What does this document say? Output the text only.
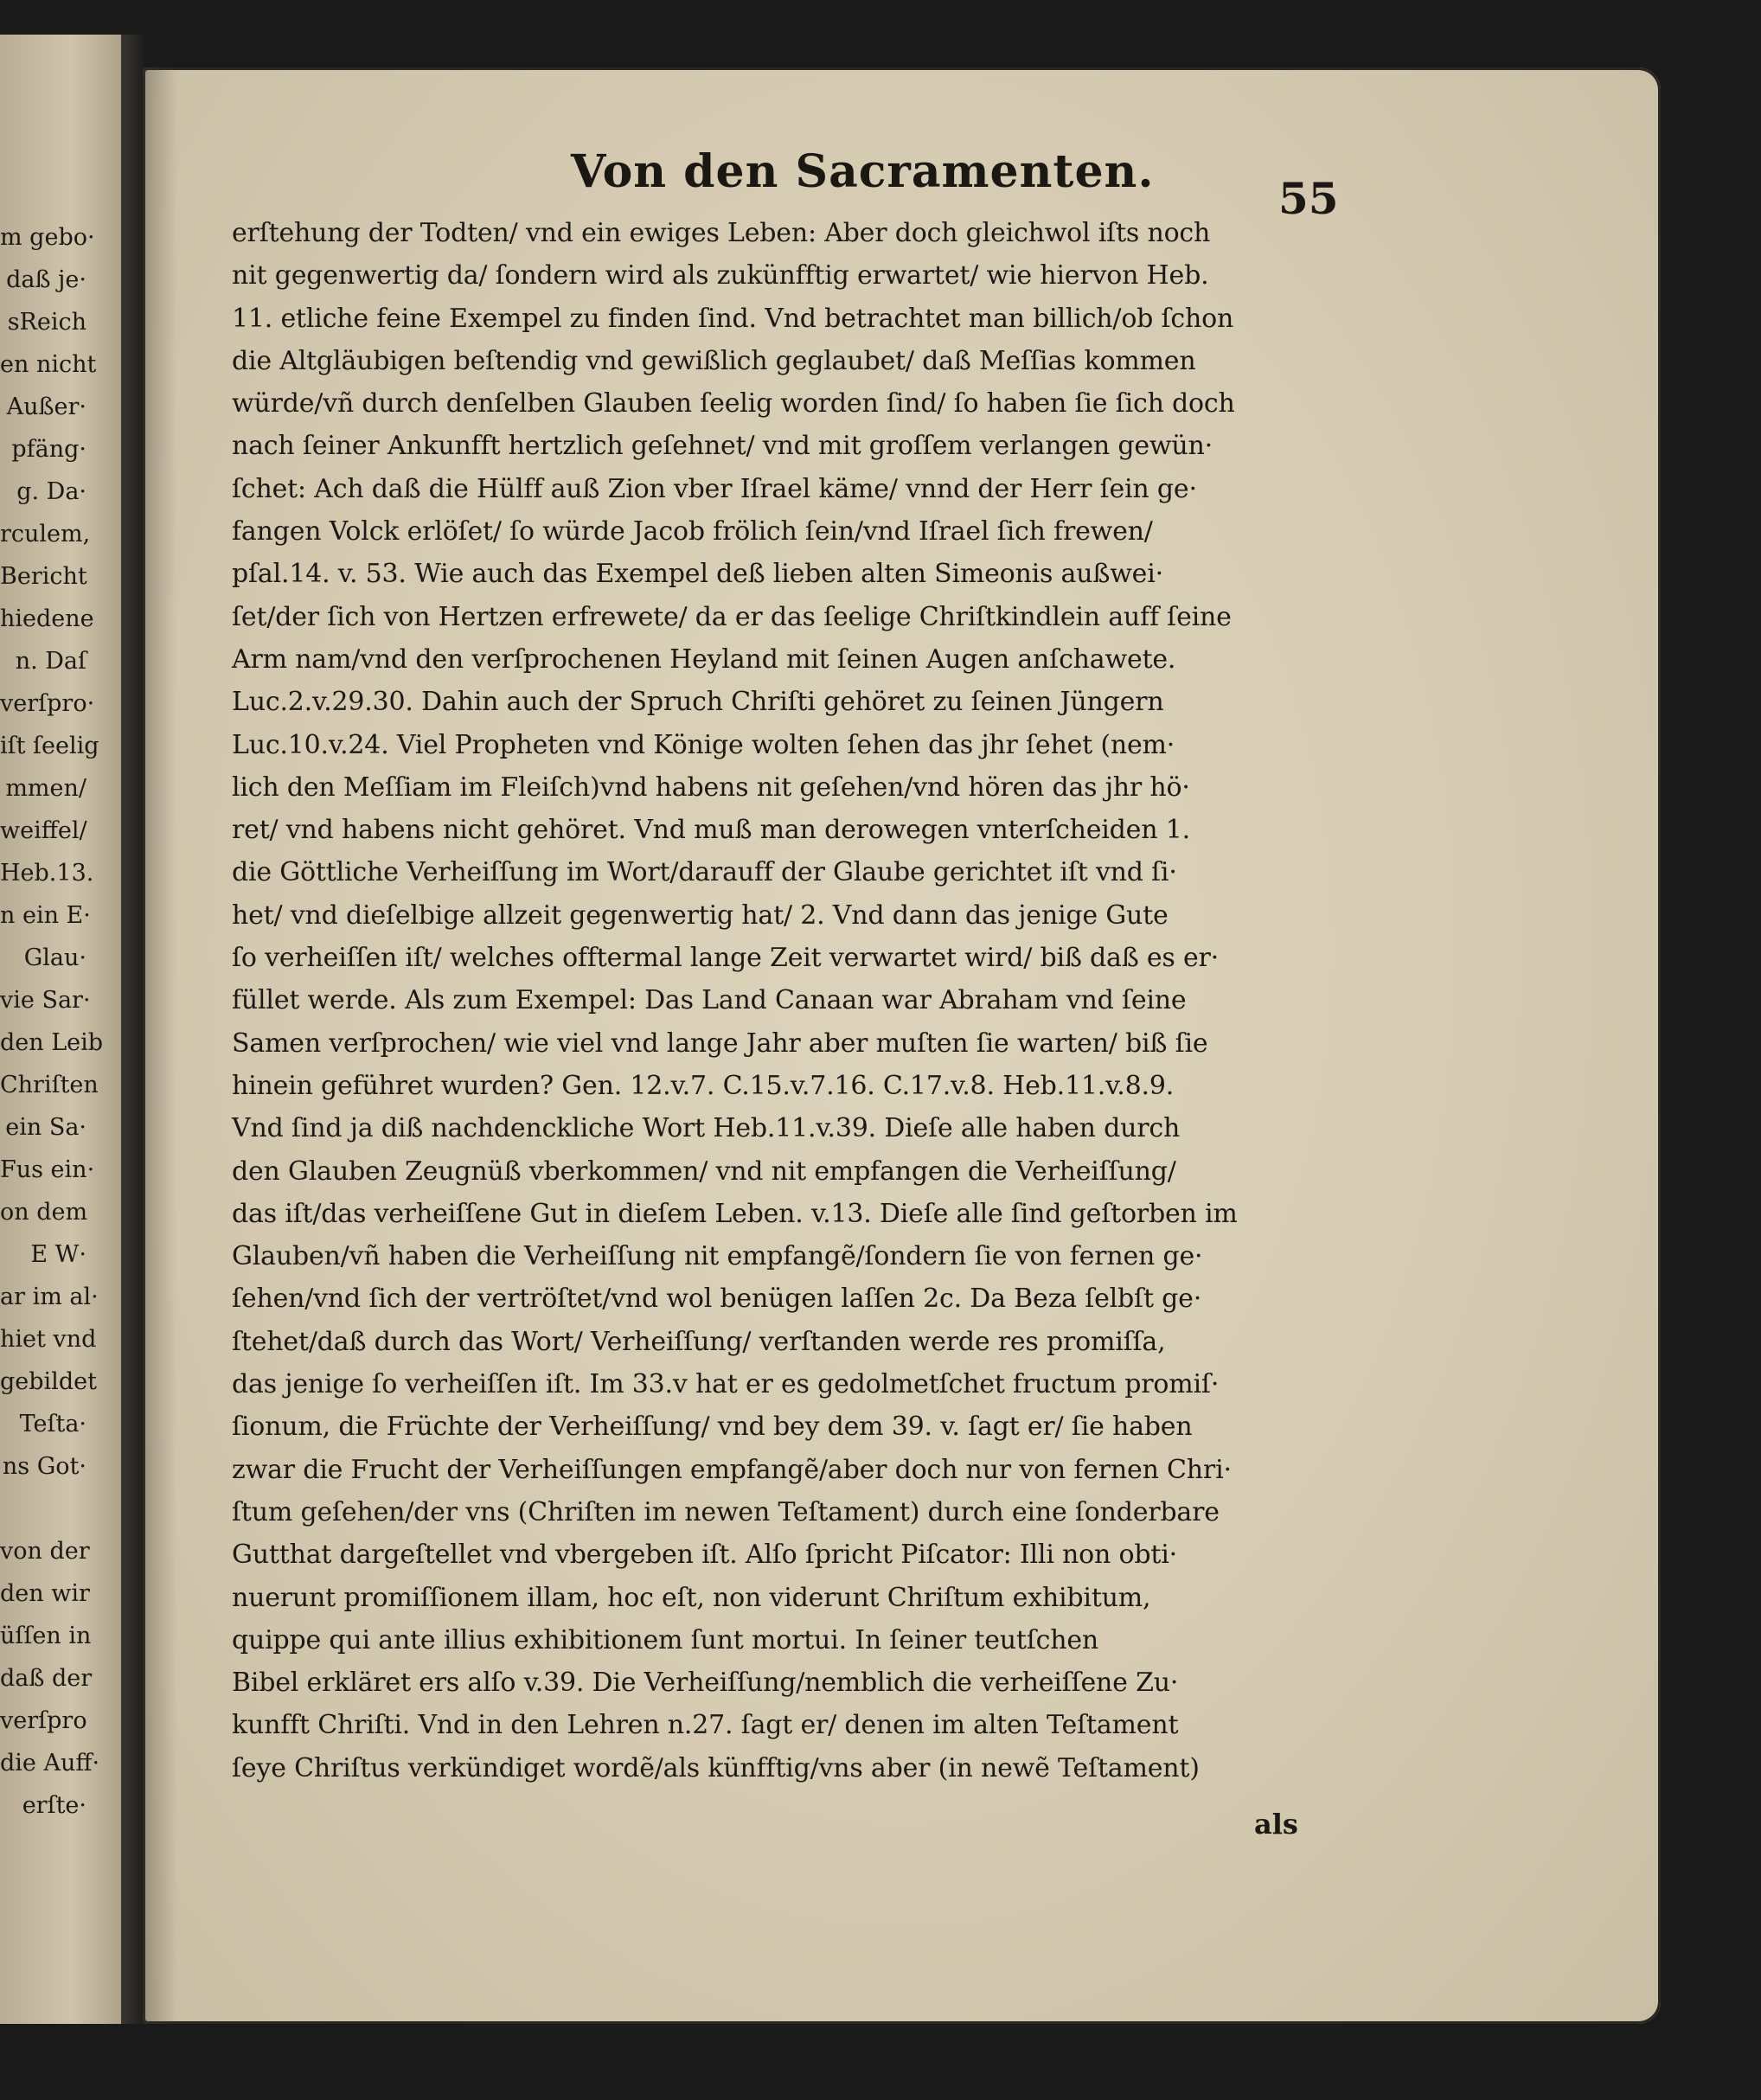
m gebo·
daß je·
sReich
en nicht
Außer·
pfäng·
g. Da·
rculem,
Bericht
hiedene
n. Daſ
verſpro·
iſt ſeelig
mmen/
weiffel/
Heb.13.
n ein E·
Glau·
vie Sar·
den Leib
Chriſten
ein Sa·
Fus ein·
on dem
E W·
ar im al·
hiet vnd
gebildet
Teſta·
ns Got·
von der
den wir
üſſen in
daß der
verſpro
die Auff·
erſte·
Von den Sacramenten.
55
erſtehung der Todten/ vnd ein ewiges Leben: Aber doch gleichwol iſts noch
nit gegenwertig da/ ſondern wird als zukünfftig erwartet/ wie hiervon Heb.
11. etliche feine Exempel zu finden ſind. Vnd betrachtet man billich/ob ſchon
die Altgläubigen beſtendig vnd gewißlich geglaubet/ daß Meſſias kommen
würde/vñ durch denſelben Glauben ſeelig worden ſind/ ſo haben ſie ſich doch
nach ſeiner Ankunfft hertzlich geſehnet/ vnd mit groſſem verlangen gewün·
ſchet: Ach daß die Hülff auß Zion vber Iſrael käme/ vnnd der Herr ſein ge·
fangen Volck erlöſet/ ſo würde Jacob frölich ſein/vnd Iſrael ſich frewen/
pſal.14. v. 53. Wie auch das Exempel deß lieben alten Simeonis außwei·
ſet/der ſich von Hertzen erfrewete/ da er das ſeelige Chriſtkindlein auff ſeine
Arm nam/vnd den verſprochenen Heyland mit ſeinen Augen anſchawete.
Luc.2.v.29.30. Dahin auch der Spruch Chriſti gehöret zu ſeinen Jüngern
Luc.10.v.24. Viel Propheten vnd Könige wolten ſehen das jhr ſehet (nem·
lich den Meſſiam im Fleiſch)vnd habens nit geſehen/vnd hören das jhr hö·
ret/ vnd habens nicht gehöret. Vnd muß man derowegen vnterſcheiden 1.
die Göttliche Verheiſſung im Wort/darauff der Glaube gerichtet iſt vnd ſi·
het/ vnd dieſelbige allzeit gegenwertig hat/ 2. Vnd dann das jenige Gute
ſo verheiſſen iſt/ welches offtermal lange Zeit verwartet wird/ biß daß es er·
füllet werde. Als zum Exempel: Das Land Canaan war Abraham vnd ſeine
Samen verſprochen/ wie viel vnd lange Jahr aber muſten ſie warten/ biß ſie
hinein geführet wurden? Gen. 12.v.7. C.15.v.7.16. C.17.v.8. Heb.11.v.8.9.
Vnd ſind ja diß nachdenckliche Wort Heb.11.v.39. Dieſe alle haben durch
den Glauben Zeugnüß vberkommen/ vnd nit empfangen die Verheiſſung/
das iſt/das verheiſſene Gut in dieſem Leben. v.13. Dieſe alle ſind geſtorben im
Glauben/vñ haben die Verheiſſung nit empfangẽ/ſondern ſie von fernen ge·
ſehen/vnd ſich der vertröſtet/vnd wol benügen laſſen 2c. Da Beza ſelbſt ge·
ſtehet/daß durch das Wort/ Verheiſſung/ verſtanden werde res promiſſa,
das jenige ſo verheiſſen iſt. Im 33.v hat er es gedolmetſchet fructum promiſ·
ſionum, die Früchte der Verheiſſung/ vnd bey dem 39. v. ſagt er/ ſie haben
zwar die Frucht der Verheiſſungen empfangẽ/aber doch nur von fernen Chri·
ſtum geſehen/der vns (Chriſten im newen Teſtament) durch eine ſonderbare
Gutthat dargeſtellet vnd vbergeben iſt. Alſo ſpricht Piſcator: Illi non obti·
nuerunt promiſſionem illam, hoc eſt, non viderunt Chriſtum exhibitum,
quippe qui ante illius exhibitionem ſunt mortui. In ſeiner teutſchen
Bibel erkläret ers alſo v.39. Die Verheiſſung/nemblich die verheiſſene Zu·
kunfft Chriſti. Vnd in den Lehren n.27. ſagt er/ denen im alten Teſtament
ſeye Chriſtus verkündiget wordẽ/als künfftig/vns aber (in newẽ Teſtament)
als
